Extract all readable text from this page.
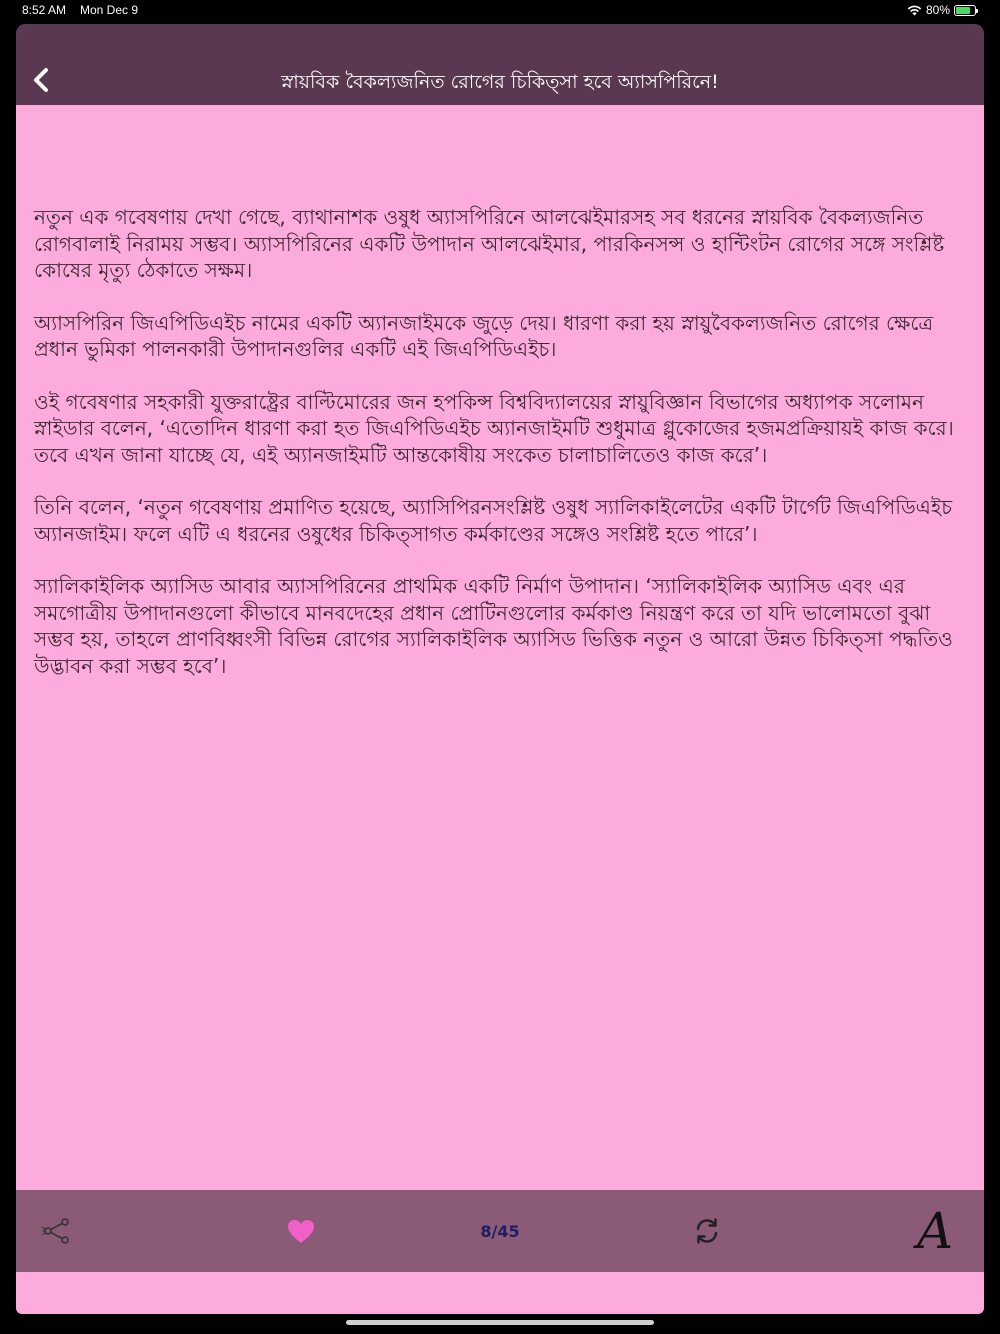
8:52 AM Mon Dec 9	80%
স্নায়বিক বৈকল্যজনিত রোগের চিকিত্সা হবে অ্যাসপিরিনে!

নতুন এক গবেষণায় দেখা গেছে, ব্যাথানাশক ওষুধ অ্যাসপিরিনে আলঝেইমারসহ সব ধরনের স্নায়বিক বৈকল্যজনিত রোগবালাই নিরাময় সম্ভব। অ্যাসপিরিনের একটি উপাদান আলঝেইমার, পারকিনসন্স ও হান্টিংটন রোগের সঙ্গে সংশ্লিষ্ট কোষের মৃত্যু ঠেকাতে সক্ষম।

অ্যাসপিরিন জিএপিডিএইচ নামের একটি অ্যানজাইমকে জুড়ে দেয়। ধারণা করা হয় স্নায়ুবৈকল্যজনিত রোগের ক্ষেত্রে প্রধান ভুমিকা পালনকারী উপাদানগুলির একটি এই জিএপিডিএইচ।

ওই গবেষণার সহকারী যুক্তরাষ্ট্রের বাল্টিমোরের জন হপকিন্স বিশ্ববিদ্যালয়ের স্নায়ুবিজ্ঞান বিভাগের অধ্যাপক সলোমন স্নাইডার বলেন, ‘এতোদিন ধারণা করা হত জিএপিডিএইচ অ্যানজাইমটি শুধুমাত্র গ্লুকোজের হজমপ্রক্রিয়ায়ই কাজ করে। তবে এখন জানা যাচ্ছে যে, এই অ্যানজাইমটি আন্তকোষীয় সংকেত চালাচালিতেও কাজ করে’।

তিনি বলেন, ‘নতুন গবেষণায় প্রমাণিত হয়েছে, অ্যাসিপিরনসংশ্লিষ্ট ওষুধ স্যালিকাইলেটের একটি টার্গেট জিএপিডিএইচ অ্যানজাইম। ফলে এটি এ ধরনের ওষুধের চিকিত্সাগত কর্মকাণ্ডের সঙ্গেও সংশ্লিষ্ট হতে পারে’।

স্যালিকাইলিক অ্যাসিড আবার অ্যাসপিরিনের প্রাথমিক একটি নির্মাণ উপাদান। ‘স্যালিকাইলিক অ্যাসিড এবং এর সমগোত্রীয় উপাদানগুলো কীভাবে মানবদেহের প্রধান প্রোটিনগুলোর কর্মকাণ্ড নিয়ন্ত্রণ করে তা যদি ভালোমতো বুঝা সম্ভব হয়, তাহলে প্রাণবিধ্বংসী বিভিন্ন রোগের স্যালিকাইলিক অ্যাসিড ভিত্তিক নতুন ও আরো উন্নত চিকিত্সা পদ্ধতিও উদ্ভাবন করা সম্ভব হবে’।

8/45	A
